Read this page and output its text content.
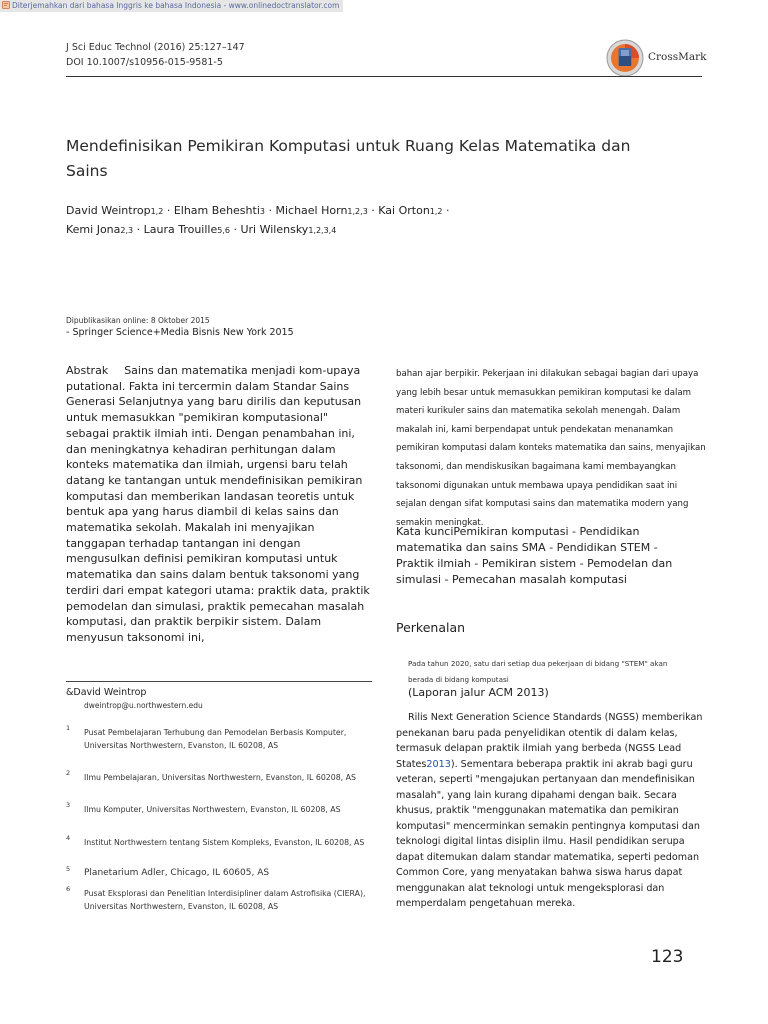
Diterjemahkan dari bahasa Inggris ke bahasa Indonesia - www.onlinedoctranslator.com
J Sci Educ Technol (2016) 25:127–147
DOI 10.1007/s10956-015-9581-5	CrossMark
Mendefinisikan Pemikiran Komputasi untuk Ruang Kelas Matematika dan Sains
David Weintrop1,2 · Elham Beheshti3 · Michael Horn1,2,3 · Kai Orton1,2 ·
Kemi Jona2,3 · Laura Trouille5,6 · Uri Wilensky1,2,3,4
Dipublikasikan online: 8 Oktober 2015
- Springer Science+Media Bisnis New York 2015
Abstrak Sains dan matematika menjadi kom-upaya putational. Fakta ini tercermin dalam Standar Sains Generasi Selanjutnya yang baru dirilis dan keputusan untuk memasukkan "pemikiran komputasional" sebagai praktik ilmiah inti. Dengan penambahan ini, dan meningkatnya kehadiran perhitungan dalam konteks matematika dan ilmiah, urgensi baru telah datang ke tantangan untuk mendefinisikan pemikiran komputasi dan memberikan landasan teoretis untuk bentuk apa yang harus diambil di kelas sains dan matematika sekolah. Makalah ini menyajikan tanggapan terhadap tantangan ini dengan mengusulkan definisi pemikiran komputasi untuk matematika dan sains dalam bentuk taksonomi yang terdiri dari empat kategori utama: praktik data, praktik pemodelan dan simulasi, praktik pemecahan masalah komputasi, dan praktik berpikir sistem. Dalam menyusun taksonomi ini,
bahan ajar berpikir. Pekerjaan ini dilakukan sebagai bagian dari upaya yang lebih besar untuk memasukkan pemikiran komputasi ke dalam materi kurikuler sains dan matematika sekolah menengah. Dalam makalah ini, kami berpendapat untuk pendekatan menanamkan pemikiran komputasi dalam konteks matematika dan sains, menyajikan taksonomi, dan mendiskusikan bagaimana kami membayangkan taksonomi digunakan untuk membawa upaya pendidikan saat ini sejalan dengan sifat komputasi sains dan matematika modern yang semakin meningkat.
Kata kunciPemikiran komputasi - Pendidikan matematika dan sains SMA - Pendidikan STEM - Praktik ilmiah - Pemikiran sistem - Pemodelan dan simulasi - Pemecahan masalah komputasi
Perkenalan
Pada tahun 2020, satu dari setiap dua pekerjaan di bidang "STEM" akan berada di bidang komputasi
(Laporan jalur ACM 2013)
Rilis Next Generation Science Standards (NGSS) memberikan penekanan baru pada penyelidikan otentik di dalam kelas, termasuk delapan praktik ilmiah yang berbeda (NGSS Lead States2013). Sementara beberapa praktik ini akrab bagi guru veteran, seperti "mengajukan pertanyaan dan mendefinisikan masalah", yang lain kurang dipahami dengan baik. Secara khusus, praktik "menggunakan matematika dan pemikiran komputasi" mencerminkan semakin pentingnya komputasi dan teknologi digital lintas disiplin ilmu. Hasil pendidikan serupa dapat ditemukan dalam standar matematika, seperti pedoman Common Core, yang menyatakan bahwa siswa harus dapat menggunakan alat teknologi untuk mengeksplorasi dan memperdalam pengetahuan mereka.
&David Weintrop
dweintrop@u.northwestern.edu
1 Pusat Pembelajaran Terhubung dan Pemodelan Berbasis Komputer, Universitas Northwestern, Evanston, IL 60208, AS
2 Ilmu Pembelajaran, Universitas Northwestern, Evanston, IL 60208, AS
3 Ilmu Komputer, Universitas Northwestern, Evanston, IL 60208, AS
4 Institut Northwestern tentang Sistem Kompleks, Evanston, IL 60208, AS
5 Planetarium Adler, Chicago, IL 60605, AS
6 Pusat Eksplorasi dan Penelitian Interdisipliner dalam Astrofisika (CIERA), Universitas Northwestern, Evanston, IL 60208, AS
123
